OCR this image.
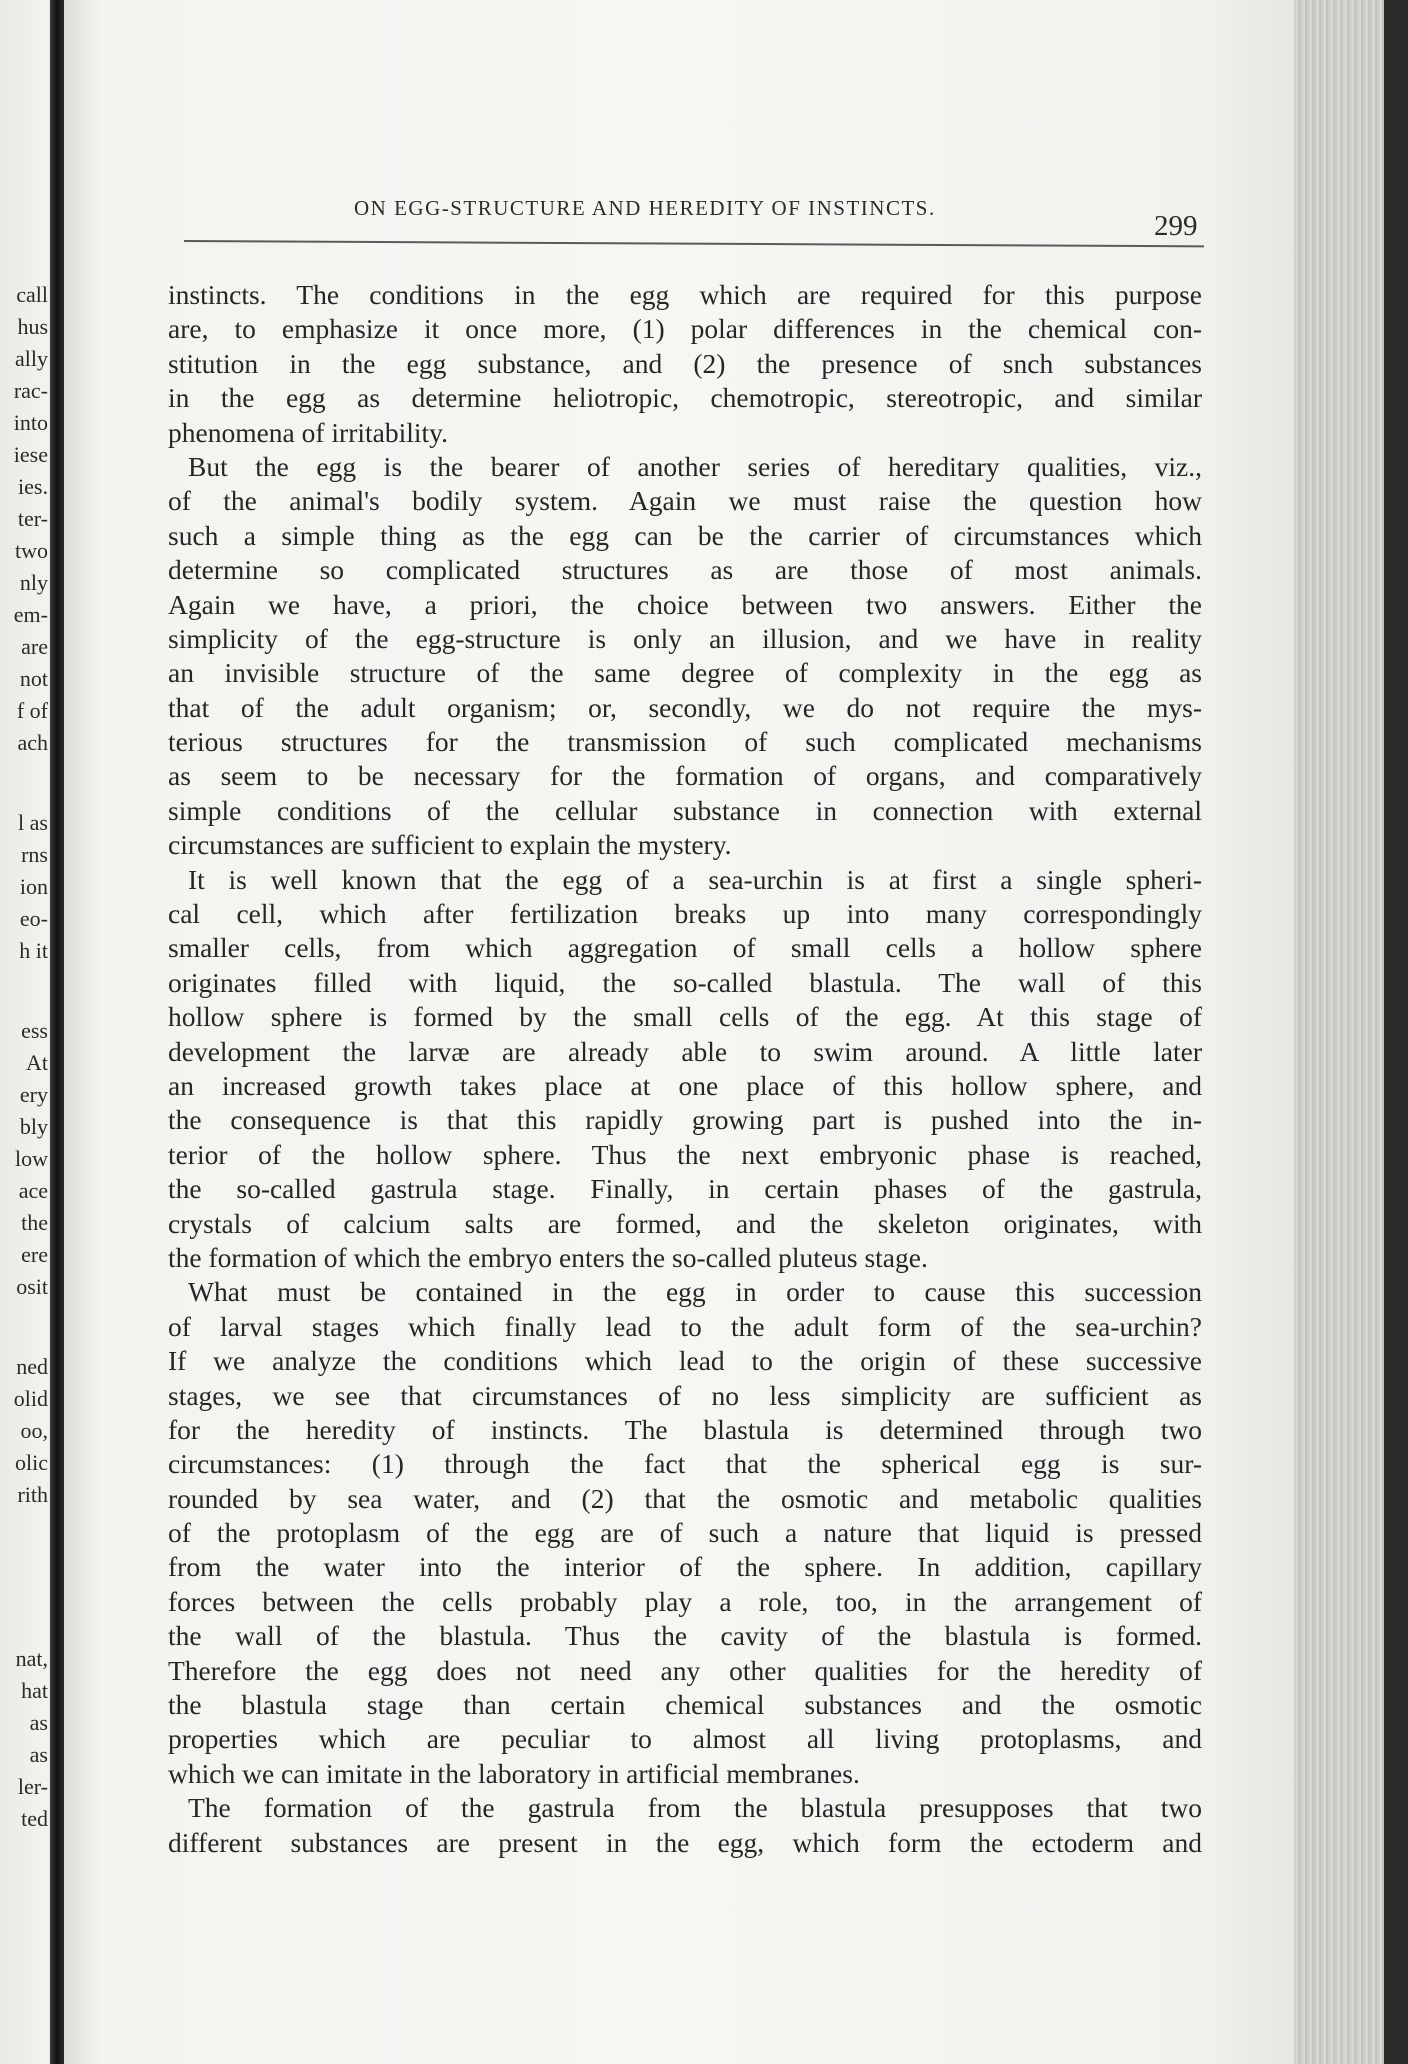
call
hus
ally
rac-
into
iese
ies.
ter-
two
nly
em-
are
not
f of
ach
l as
rns
ion
eo-
h it
ess
At
ery
bly
low
ace
the
ere
osit
ned
olid
oo,
olic
rith
nat,
hat
as
as
ler-
ted
ON EGG-STRUCTURE AND HEREDITY OF INSTINCTS.
299
instincts. The conditions in the egg which are required for this purpose
are, to emphasize it once more, (1) polar differences in the chemical con-
stitution in the egg substance, and (2) the presence of snch substances
in the egg as determine heliotropic, chemotropic, stereotropic, and similar
phenomena of irritability.
But the egg is the bearer of another series of hereditary qualities, viz.,
of the animal's bodily system. Again we must raise the question how
such a simple thing as the egg can be the carrier of circumstances which
determine so complicated structures as are those of most animals.
Again we have, a priori, the choice between two answers. Either the
simplicity of the egg-structure is only an illusion, and we have in reality
an invisible structure of the same degree of complexity in the egg as
that of the adult organism; or, secondly, we do not require the mys-
terious structures for the transmission of such complicated mechanisms
as seem to be necessary for the formation of organs, and comparatively
simple conditions of the cellular substance in connection with external
circumstances are sufficient to explain the mystery.
It is well known that the egg of a sea-urchin is at first a single spheri-
cal cell, which after fertilization breaks up into many correspondingly
smaller cells, from which aggregation of small cells a hollow sphere
originates filled with liquid, the so-called blastula. The wall of this
hollow sphere is formed by the small cells of the egg. At this stage of
development the larvæ are already able to swim around. A little later
an increased growth takes place at one place of this hollow sphere, and
the consequence is that this rapidly growing part is pushed into the in-
terior of the hollow sphere. Thus the next embryonic phase is reached,
the so-called gastrula stage. Finally, in certain phases of the gastrula,
crystals of calcium salts are formed, and the skeleton originates, with
the formation of which the embryo enters the so-called pluteus stage.
What must be contained in the egg in order to cause this succession
of larval stages which finally lead to the adult form of the sea-urchin?
If we analyze the conditions which lead to the origin of these successive
stages, we see that circumstances of no less simplicity are sufficient as
for the heredity of instincts. The blastula is determined through two
circumstances: (1) through the fact that the spherical egg is sur-
rounded by sea water, and (2) that the osmotic and metabolic qualities
of the protoplasm of the egg are of such a nature that liquid is pressed
from the water into the interior of the sphere. In addition, capillary
forces between the cells probably play a role, too, in the arrangement of
the wall of the blastula. Thus the cavity of the blastula is formed.
Therefore the egg does not need any other qualities for the heredity of
the blastula stage than certain chemical substances and the osmotic
properties which are peculiar to almost all living protoplasms, and
which we can imitate in the laboratory in artificial membranes.
The formation of the gastrula from the blastula presupposes that two
different substances are present in the egg, which form the ectoderm and
